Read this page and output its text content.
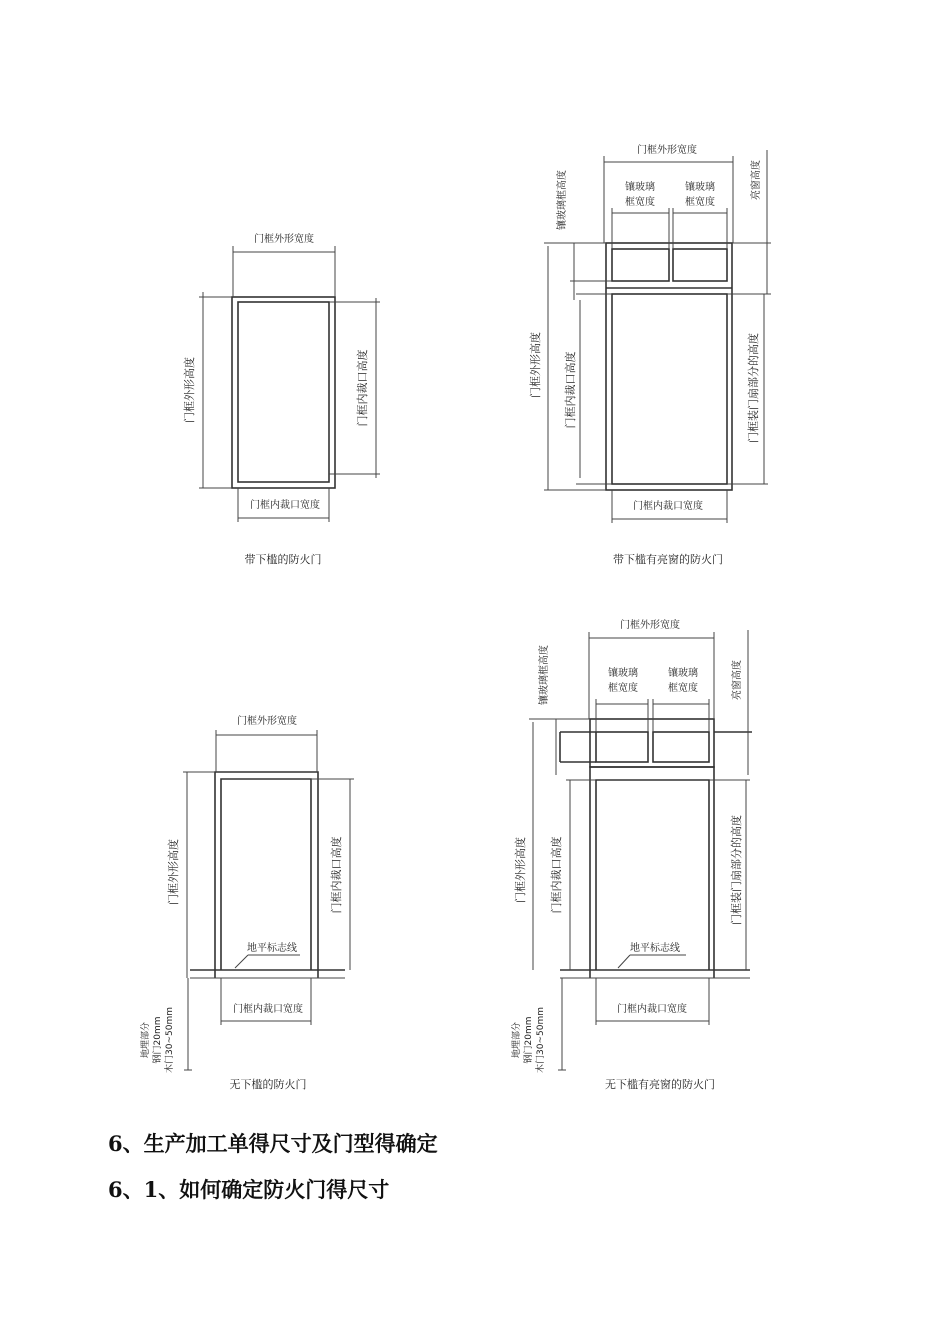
门框外形宽度
门框外形高度	门框内裁口高度
门框内裁口宽度
带下槛的防火门
门框外形宽度
镶玻璃
框宽度
镶玻璃
框宽度
镶玻璃框高度	亮窗高度
门框外形高度 门框内裁口高度	门框装门扇部分的高度
门框内裁口宽度
带下槛有亮窗的防火门
门框外形宽度
门框外形高度	门框内裁口高度
地平标志线
门框内裁口宽度
地埋部分 钢门20mm 木门30~50mm
无下槛的防火门
门框外形宽度
镶玻璃
框宽度
镶玻璃
框宽度
镶玻璃框高度	亮窗高度
门框外形高度 门框内裁口高度	门框装门扇部分的高度
地平标志线
门框内裁口宽度
地埋部分 钢门20mm 木门30~50mm
无下槛有亮窗的防火门
6、生产加工单得尺寸及门型得确定
6、1、如何确定防火门得尺寸
